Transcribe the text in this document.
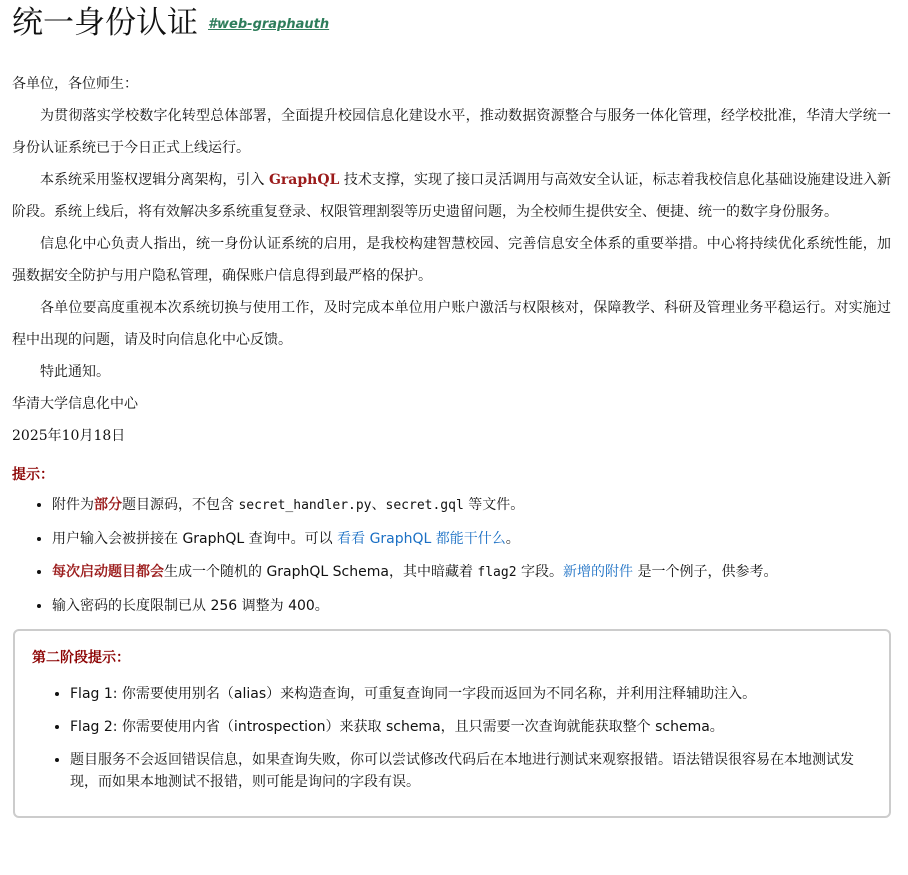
统一身份认证 #web-graphauth

各单位，各位师生：

为贯彻落实学校数字化转型总体部署，全面提升校园信息化建设水平，推动数据资源整合与服务一体化管理，经学校批准，华清大学统一身份认证系统已于今日正式上线运行。

本系统采用鉴权逻辑分离架构，引入 GraphQL 技术支撑，实现了接口灵活调用与高效安全认证，标志着我校信息化基础设施建设进入新阶段。系统上线后，将有效解决多系统重复登录、权限管理割裂等历史遗留问题，为全校师生提供安全、便捷、统一的数字身份服务。

信息化中心负责人指出，统一身份认证系统的启用，是我校构建智慧校园、完善信息安全体系的重要举措。中心将持续优化系统性能，加强数据安全防护与用户隐私管理，确保账户信息得到最严格的保护。

各单位要高度重视本次系统切换与使用工作，及时完成本单位用户账户激活与权限核对，保障教学、科研及管理业务平稳运行。对实施过程中出现的问题，请及时向信息化中心反馈。

特此通知。

华清大学信息化中心

2025年10月18日

提示：
• 附件为部分题目源码，不包含 secret_handler.py、secret.gql 等文件。
• 用户输入会被拼接在 GraphQL 查询中。可以 看看 GraphQL 都能干什么。
• 每次启动题目都会生成一个随机的 GraphQL Schema，其中暗藏着 flag2 字段。新增的附件 是一个例子，供参考。
• 输入密码的长度限制已从 256 调整为 400。
第二阶段提示：
• Flag 1: 你需要使用别名（alias）来构造查询，可重复查询同一字段而返回为不同名称，并利用注释辅助注入。
• Flag 2: 你需要使用内省（introspection）来获取 schema，且只需要一次查询就能获取整个 schema。
• 题目服务不会返回错误信息，如果查询失败，你可以尝试修改代码后在本地进行测试来观察报错。语法错误很容易在本地测试发现，而如果本地测试不报错，则可能是询问的字段有误。
